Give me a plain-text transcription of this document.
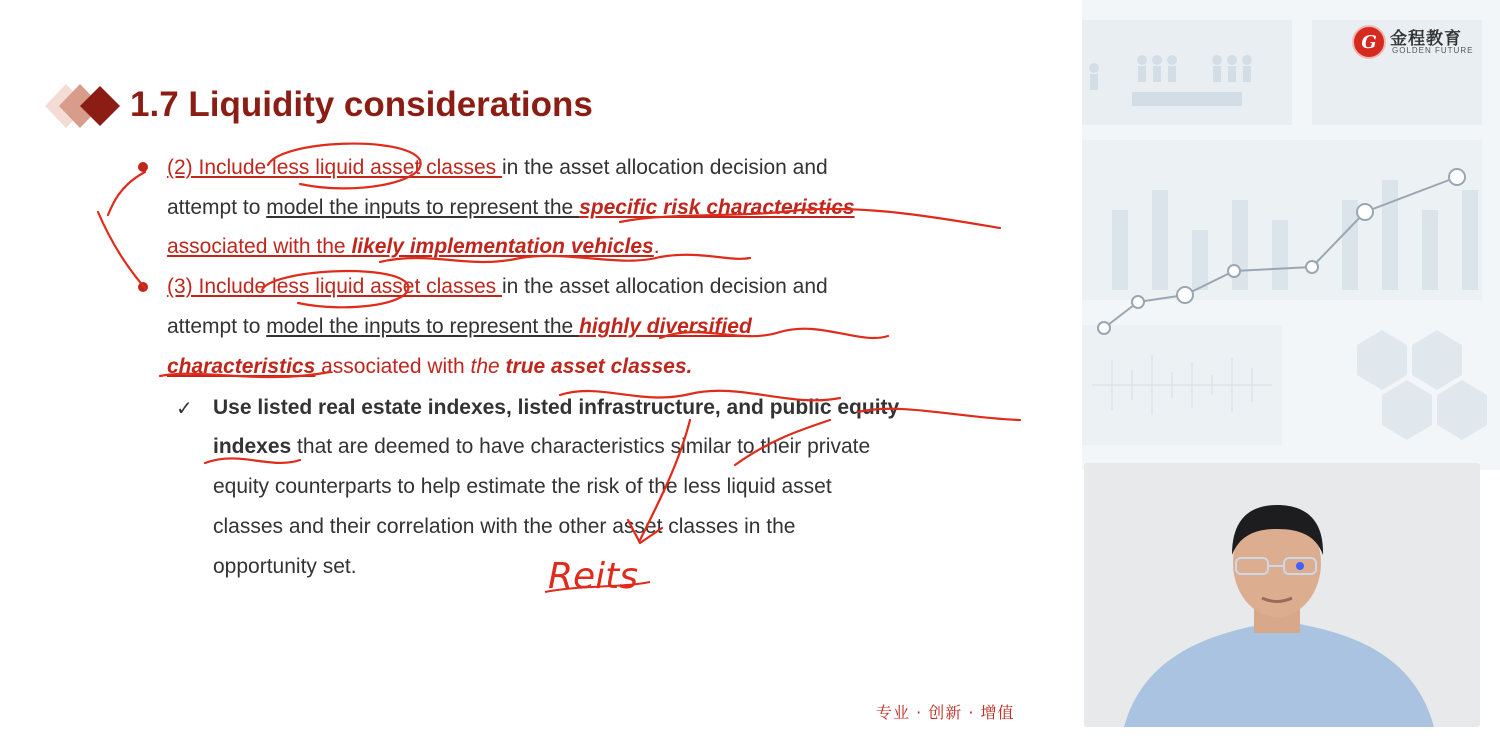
G 金程教育
GOLDEN FUTURE
1.7 Liquidity considerations
(2) Include less liquid asset classes in the asset allocation decision and
attempt to model the inputs to represent the specific risk characteristics
associated with the likely implementation vehicles.
(3) Include less liquid asset classes in the asset allocation decision and
attempt to model the inputs to represent the highly diversified
characteristics associated with the true asset classes.
✓ Use listed real estate indexes, listed infrastructure, and public equity
indexes that are deemed to have characteristics similar to their private
equity counterparts to help estimate the risk of the less liquid asset
classes and their correlation with the other asset classes in the
opportunity set.
专业 · 创新 · 增值
Reits
